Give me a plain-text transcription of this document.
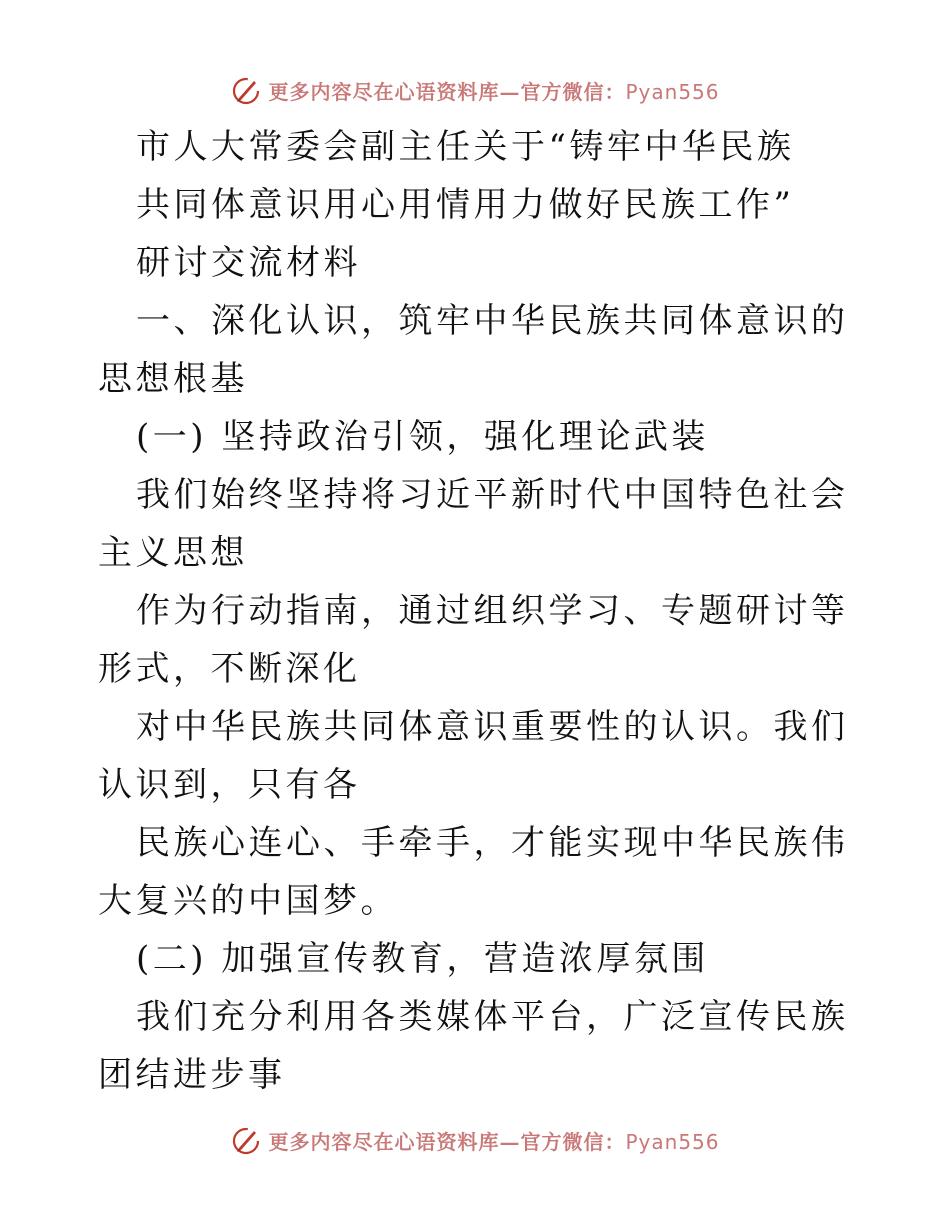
更多内容尽在心语资料库—官方微信：Pyan556

市人大常委会副主任关于“铸牢中华民族

共同体意识用心用情用力做好民族工作”

研讨交流材料

一、深化认识，筑牢中华民族共同体意识的思想根基

(一) 坚持政治引领，强化理论武装

我们始终坚持将习近平新时代中国特色社会主义思想

作为行动指南，通过组织学习、专题研讨等形式，不断深化

对中华民族共同体意识重要性的认识。我们认识到，只有各

民族心连心、手牵手，才能实现中华民族伟大复兴的中国梦。

(二) 加强宣传教育，营造浓厚氛围

我们充分利用各类媒体平台，广泛宣传民族团结进步事

更多内容尽在心语资料库—官方微信：Pyan556
